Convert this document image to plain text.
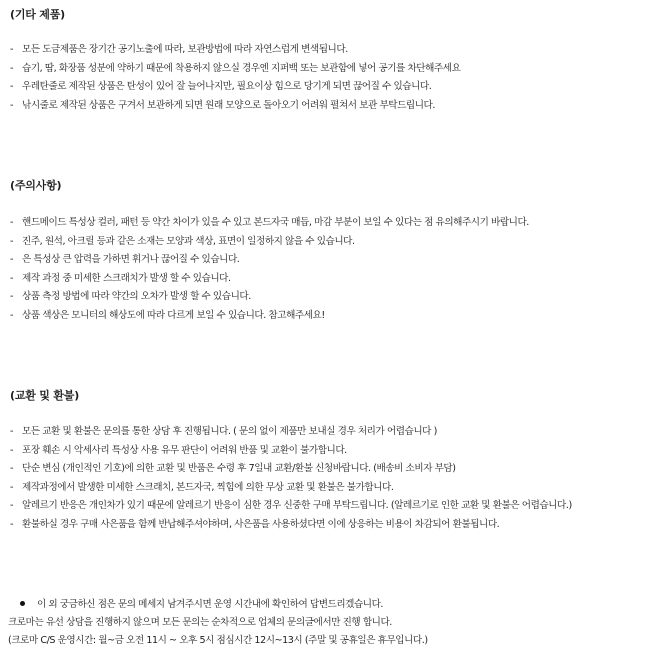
(기타 제품)
- 모든 도금제품은 장기간 공기노출에 따라, 보관방법에 따라 자연스럽게 변색됩니다.
- 습기, 땀, 화장품 성분에 약하기 때문에 착용하지 않으실 경우엔 지퍼백 또는 보관함에 넣어 공기를 차단해주세요
- 우레탄줄로 제작된 상품은 탄성이 있어 잘 늘어나지만, 필요이상 힘으로 당기게 되면 끊어질 수 있습니다.
- 낚시줄로 제작된 상품은 구겨서 보관하게 되면 원래 모양으로 돌아오기 어려워 펼쳐서 보관 부탁드립니다.
(주의사항)
- 핸드메이드 특성상 컬러, 패턴 등 약간 차이가 있을 수 있고 본드자국 매듭, 마감 부분이 보일 수 있다는 점 유의해주시기 바랍니다.
- 진주, 원석, 아크릴 등과 같은 소재는 모양과 색상, 표면이 일정하지 않을 수 있습니다.
- 은 특성상 큰 압력을 가하면 휘거나 끊어질 수 있습니다.
- 제작 과정 중 미세한 스크래치가 발생 할 수 있습니다.
- 상품 측정 방법에 따라 약간의 오차가 발생 할 수 있습니다.
- 상품 색상은 모니터의 해상도에 따라 다르게 보일 수 있습니다. 참고해주세요!
(교환 및 환불)
- 모든 교환 및 환불은 문의를 통한 상담 후 진행됩니다. ( 문의 없이 제품만 보내실 경우 처리가 어렵습니다 )
- 포장 훼손 시 악세사리 특성상 사용 유무 판단이 어려워 반품 및 교환이 불가합니다.
- 단순 변심 (개인적인 기호)에 의한 교환 및 반품은 수령 후 7일내 교환/환불 신청바랍니다. (배송비 소비자 부담)
- 제작과정에서 발생한 미세한 스크래치, 본드자국, 찍힘에 의한 무상 교환 및 환불은 불가합니다.
- 알레르기 반응은 개인차가 있기 때문에 알레르기 반응이 심한 경우 신중한 구매 부탁드립니다. (알레르기로 인한 교환 및 환불은 어렵습니다.)
- 환불하실 경우 구매 사은품을 함께 반납해주셔야하며, 사은품을 사용하셨다면 이에 상응하는 비용이 차감되어 환불됩니다.
이 외 궁금하신 점은 문의 메세지 남겨주시면 운영 시간내에 확인하여 답변드리겠습니다.
크로마는 유선 상담을 진행하지 않으며 모든 문의는 순차적으로 업체의 문의글에서만 진행 합니다.
(크로마 C/S 운영시간: 월~금 오전 11시 ~ 오후 5시 점심시간 12시~13시 (주말 및 공휴일은 휴무입니다.)
